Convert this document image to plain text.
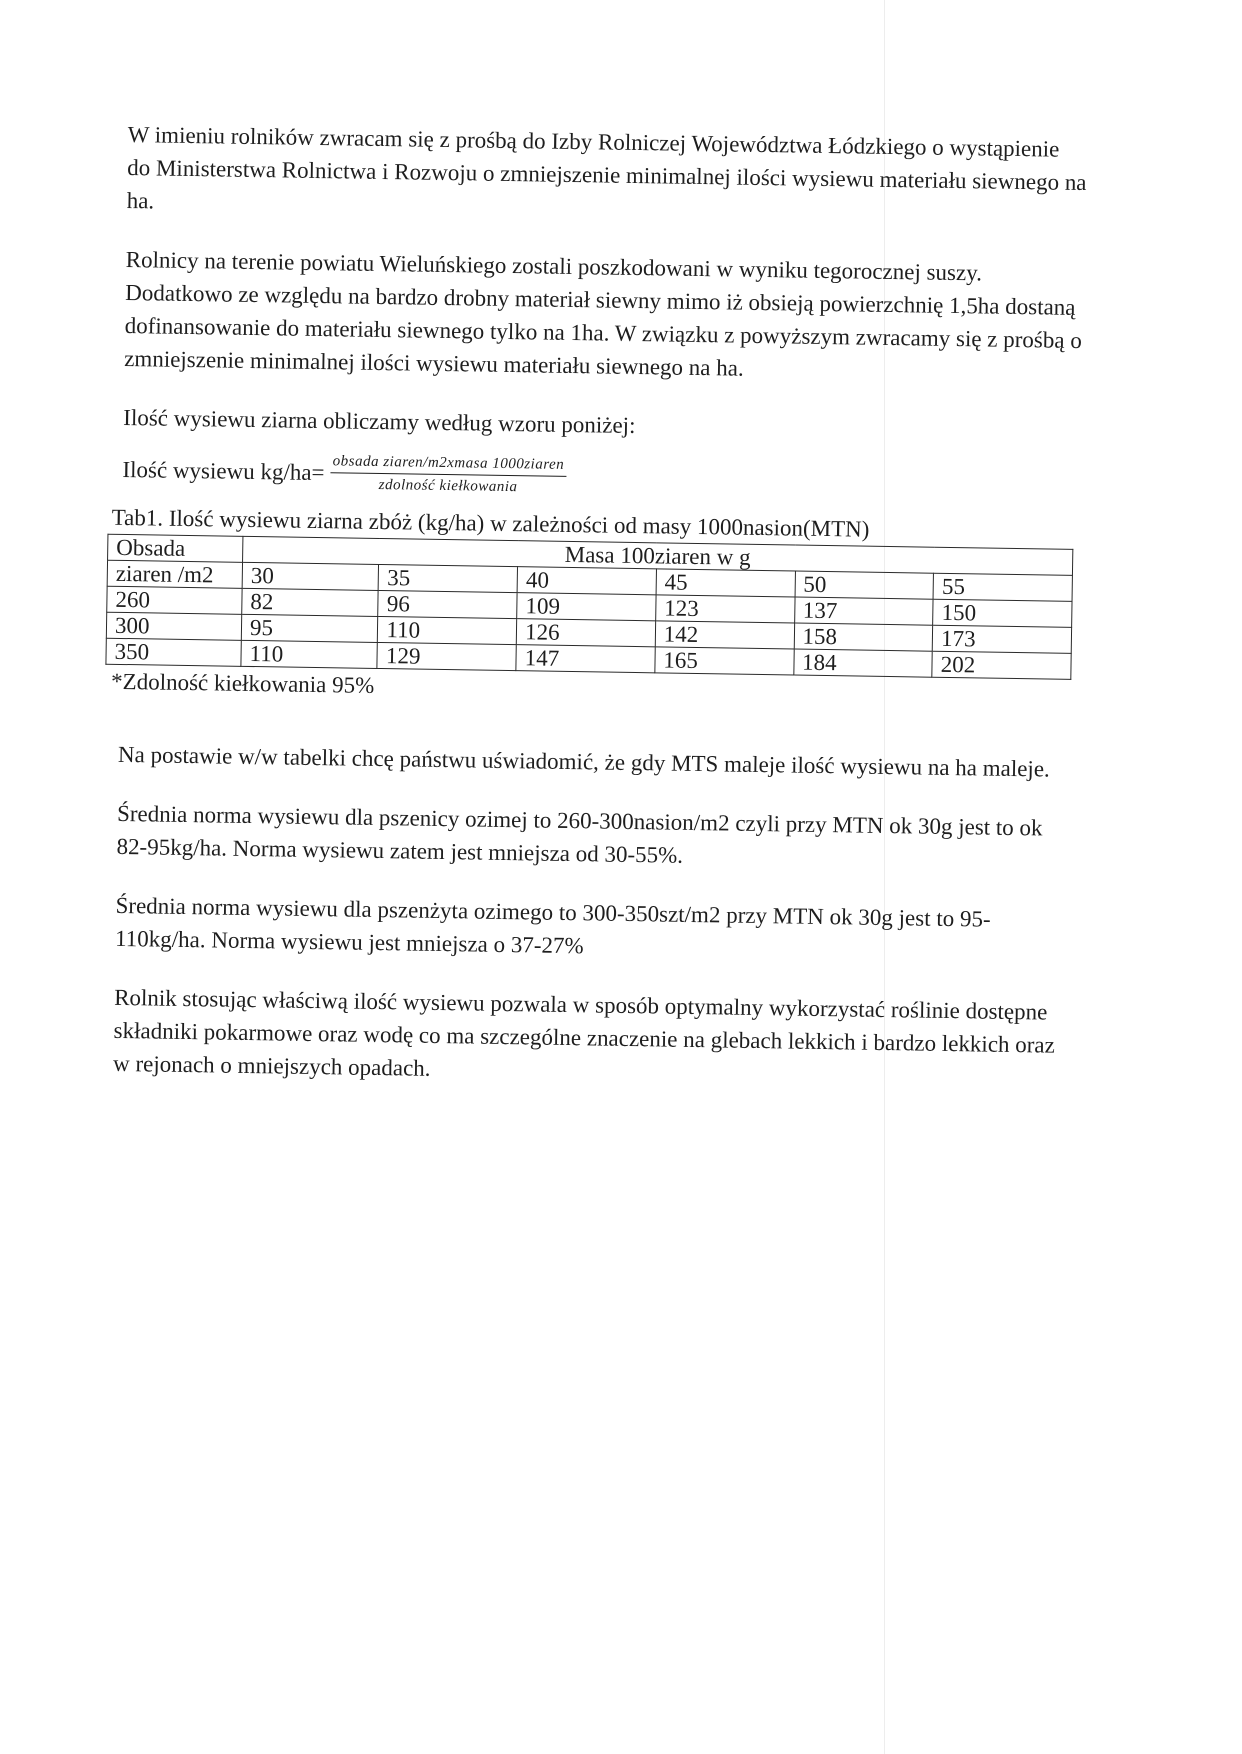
W imieniu rolników zwracam się z prośbą do Izby Rolniczej Województwa Łódzkiego o wystąpienie do Ministerstwa Rolnictwa i Rozwoju o zmniejszenie minimalnej ilości wysiewu materiału siewnego na ha.

Rolnicy na terenie powiatu Wieluńskiego zostali poszkodowani w wyniku tegorocznej suszy. Dodatkowo ze względu na bardzo drobny materiał siewny mimo iż obsieją powierzchnię 1,5ha dostaną dofinansowanie do materiału siewnego tylko na 1ha. W związku z powyższym zwracamy się z prośbą o zmniejszenie minimalnej ilości wysiewu materiału siewnego na ha.

Ilość wysiewu ziarna obliczamy według wzoru poniżej:

Ilość wysiewu $kg/ha= \frac{\text{obsada ziaren/m2xmasa 1000ziaren}}{\text{zdolność kiełkowania}}$
Tab1. Ilość wysiewu ziarna zbóż (kg/ha) w zależności od masy 1000nasion(MTN)
Obsada	Masa 100ziaren w g					
ziaren /m2	30	35	40	45	50	55
260	82	96	109	123	137	150
300	95	110	126	142	158	173
350	110	129	147	165	184	202
*Zdolność kiełkowania 95%

Na postawie w/w tabelki chcę państwu uświadomić, że gdy MTS maleje ilość wysiewu na ha maleje.

Średnia norma wysiewu dla pszenicy ozimej to 260-300nasion/m2 czyli przy MTN ok 30g jest to ok 82-95kg/ha. Norma wysiewu zatem jest mniejsza od 30-55%.

Średnia norma wysiewu dla pszenżyta ozimego to 300-350szt/m2 przy MTN ok 30g jest to 95-110kg/ha. Norma wysiewu jest mniejsza o 37-27%

Rolnik stosując właściwą ilość wysiewu pozwala w sposób optymalny wykorzystać roślinie dostępne składniki pokarmowe oraz wodę co ma szczególne znaczenie na glebach lekkich i bardzo lekkich oraz w rejonach o mniejszych opadach.
